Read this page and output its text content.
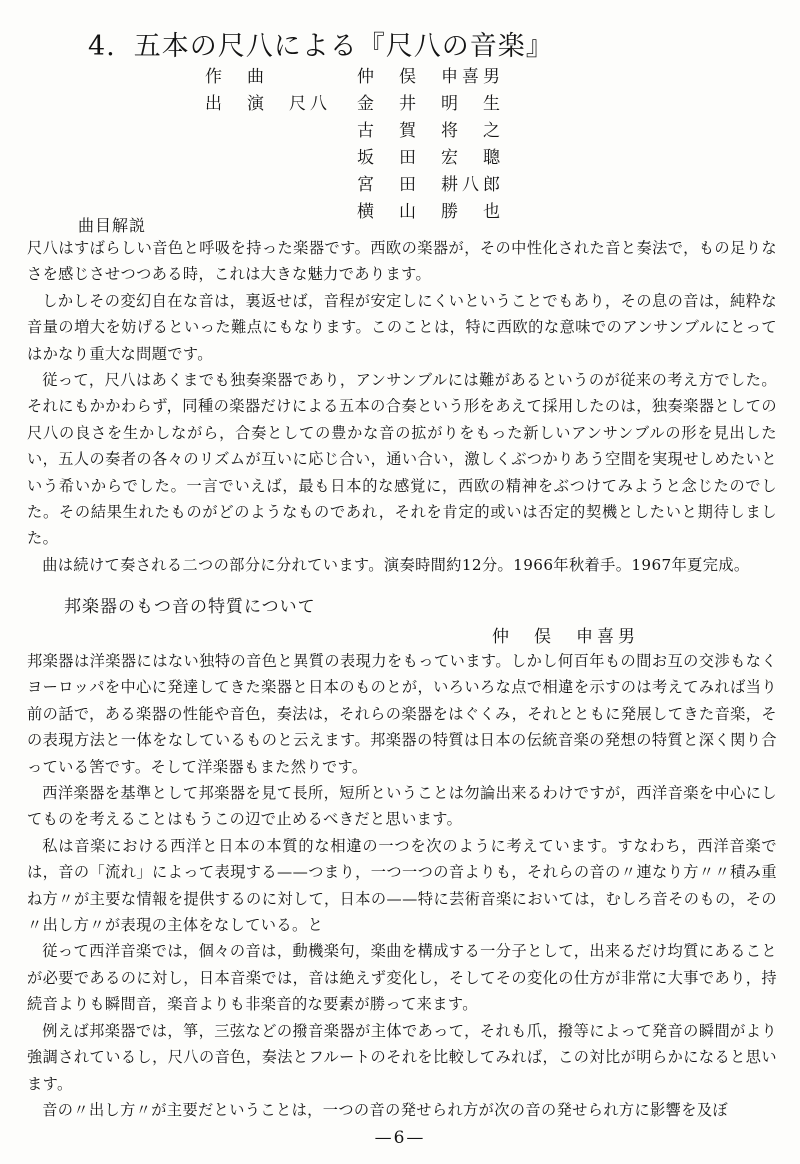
4. 五本の尺八による『尺八の音楽』
作　曲	仲　俣　申喜男
出　演　尺八	金　井　明　生
古　賀　将　之
坂　田　宏　聰
宮　田　耕八郎
横　山　勝　也
曲目解説

尺八はすばらしい音色と呼吸を持った楽器です。西欧の楽器が，その中性化された音と奏法で，もの足りなさを感じさせつつある時，これは大きな魅力であります。

しかしその変幻自在な音は，裏返せば，音程が安定しにくいということでもあり，その息の音は，純粋な音量の増大を妨げるといった難点にもなります。このことは，特に西欧的な意味でのアンサンブルにとってはかなり重大な問題です。

従って，尺八はあくまでも独奏楽器であり，アンサンブルには難があるというのが従来の考え方でした。それにもかかわらず，同種の楽器だけによる五本の合奏という形をあえて採用したのは，独奏楽器としての尺八の良さを生かしながら，合奏としての豊かな音の拡がりをもった新しいアンサンブルの形を見出したい，五人の奏者の各々のリズムが互いに応じ合い，通い合い，激しくぶつかりあう空間を実現せしめたいという希いからでした。一言でいえば，最も日本的な感覚に，西欧の精神をぶつけてみようと念じたのでした。その結果生れたものがどのようなものであれ，それを肯定的或いは否定的契機としたいと期待しました。

曲は続けて奏される二つの部分に分れています。演奏時間約12分。1966年秋着手。1967年夏完成。

邦楽器のもつ音の特質について
仲　俣　申喜男

邦楽器は洋楽器にはない独特の音色と異質の表現力をもっています。しかし何百年もの間お互の交渉もなくヨーロッパを中心に発達してきた楽器と日本のものとが，いろいろな点で相違を示すのは考えてみれば当り前の話で，ある楽器の性能や音色，奏法は，それらの楽器をはぐくみ，それとともに発展してきた音楽，その表現方法と一体をなしているものと云えます。邦楽器の特質は日本の伝統音楽の発想の特質と深く関り合っている筈です。そして洋楽器もまた然りです。

西洋楽器を基準として邦楽器を見て長所，短所ということは勿論出来るわけですが，西洋音楽を中心にしてものを考えることはもうこの辺で止めるべきだと思います。

私は音楽における西洋と日本の本質的な相違の一つを次のように考えています。すなわち，西洋音楽では，音の「流れ」によって表現する——つまり，一つ一つの音よりも，それらの音の〃連なり方〃〃積み重ね方〃が主要な情報を提供するのに対して，日本の——特に芸術音楽においては，むしろ音そのもの，その〃出し方〃が表現の主体をなしている。と

従って西洋音楽では，個々の音は，動機楽句，楽曲を構成する一分子として，出来るだけ均質にあることが必要であるのに対し，日本音楽では，音は絶えず変化し，そしてその変化の仕方が非常に大事であり，持続音よりも瞬間音，楽音よりも非楽音的な要素が勝って来ます。

例えば邦楽器では，箏，三弦などの撥音楽器が主体であって，それも爪，撥等によって発音の瞬間がより強調されているし，尺八の音色，奏法とフルートのそれを比較してみれば，この対比が明らかになると思います。

音の〃出し方〃が主要だということは，一つの音の発せられ方が次の音の発せられ方に影響を及ぼ

—6—
